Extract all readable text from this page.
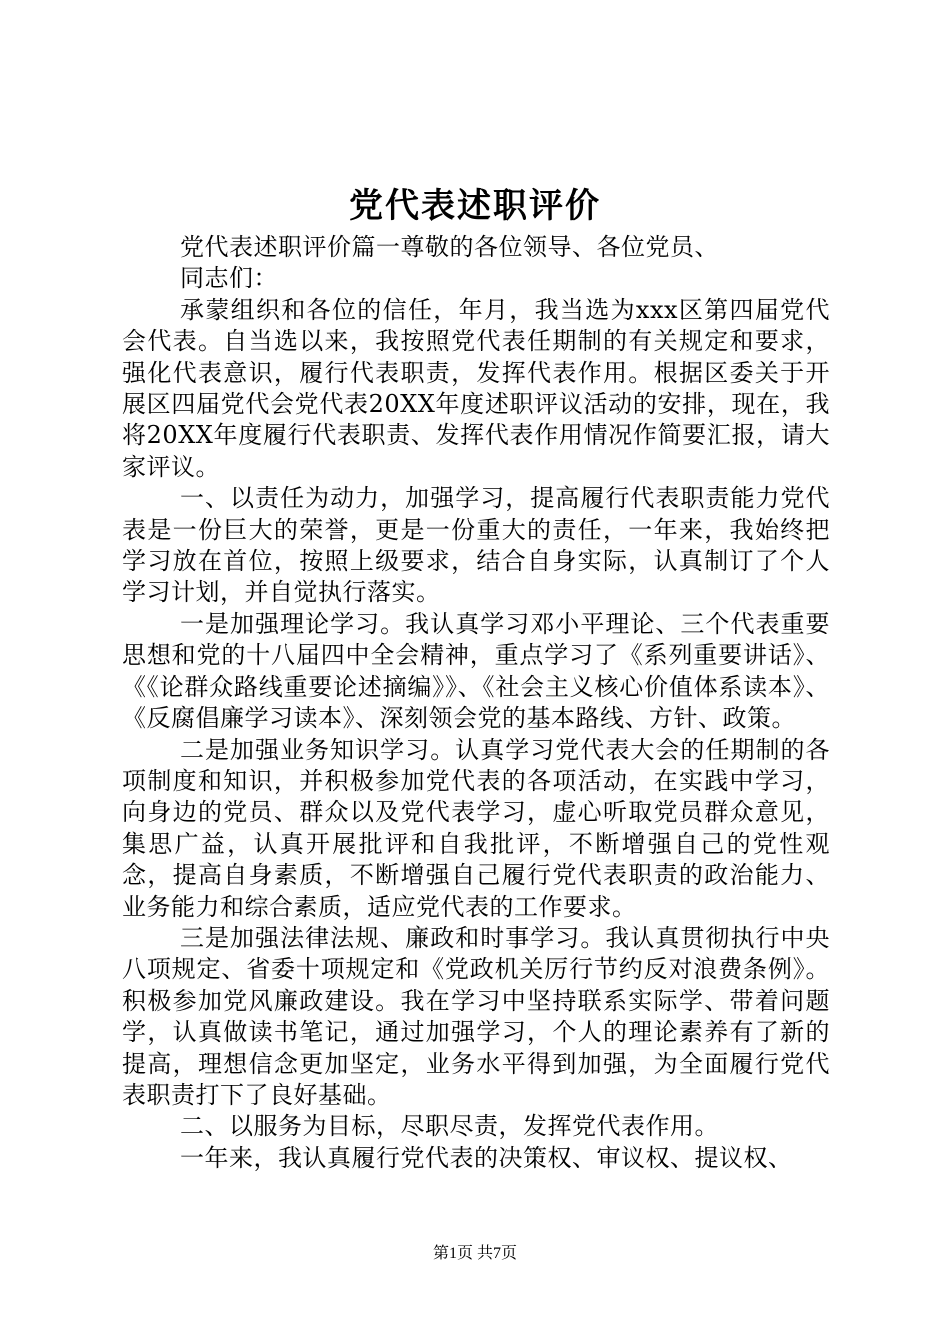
党代表述职评价

党代表述职评价篇一尊敬的各位领导、各位党员、

同志们：

承蒙组织和各位的信任，年月，我当选为xxx区第四届党代会代表。自当选以来，我按照党代表任期制的有关规定和要求，强化代表意识，履行代表职责，发挥代表作用。根据区委关于开展区四届党代会党代表20XX年度述职评议活动的安排，现在，我将20XX年度履行代表职责、发挥代表作用情况作简要汇报，请大家评议。

一、以责任为动力，加强学习，提高履行代表职责能力党代表是一份巨大的荣誉，更是一份重大的责任，一年来，我始终把学习放在首位，按照上级要求，结合自身实际，认真制订了个人学习计划，并自觉执行落实。

一是加强理论学习。我认真学习邓小平理论、三个代表重要思想和党的十八届四中全会精神，重点学习了《系列重要讲话》、《《论群众路线重要论述摘编》》、《社会主义核心价值体系读本》、《反腐倡廉学习读本》、深刻领会党的基本路线、方针、政策。

二是加强业务知识学习。认真学习党代表大会的任期制的各项制度和知识，并积极参加党代表的各项活动，在实践中学习，向身边的党员、群众以及党代表学习，虚心听取党员群众意见，集思广益，认真开展批评和自我批评，不断增强自己的党性观念，提高自身素质，不断增强自己履行党代表职责的政治能力、业务能力和综合素质，适应党代表的工作要求。

三是加强法律法规、廉政和时事学习。我认真贯彻执行中央八项规定、省委十项规定和《党政机关厉行节约反对浪费条例》。积极参加党风廉政建设。我在学习中坚持联系实际学、带着问题学，认真做读书笔记，通过加强学习，个人的理论素养有了新的提高，理想信念更加坚定，业务水平得到加强，为全面履行党代表职责打下了良好基础。

二、以服务为目标，尽职尽责，发挥党代表作用。

一年来，我认真履行党代表的决策权、审议权、提议权、

第1页 共7页
